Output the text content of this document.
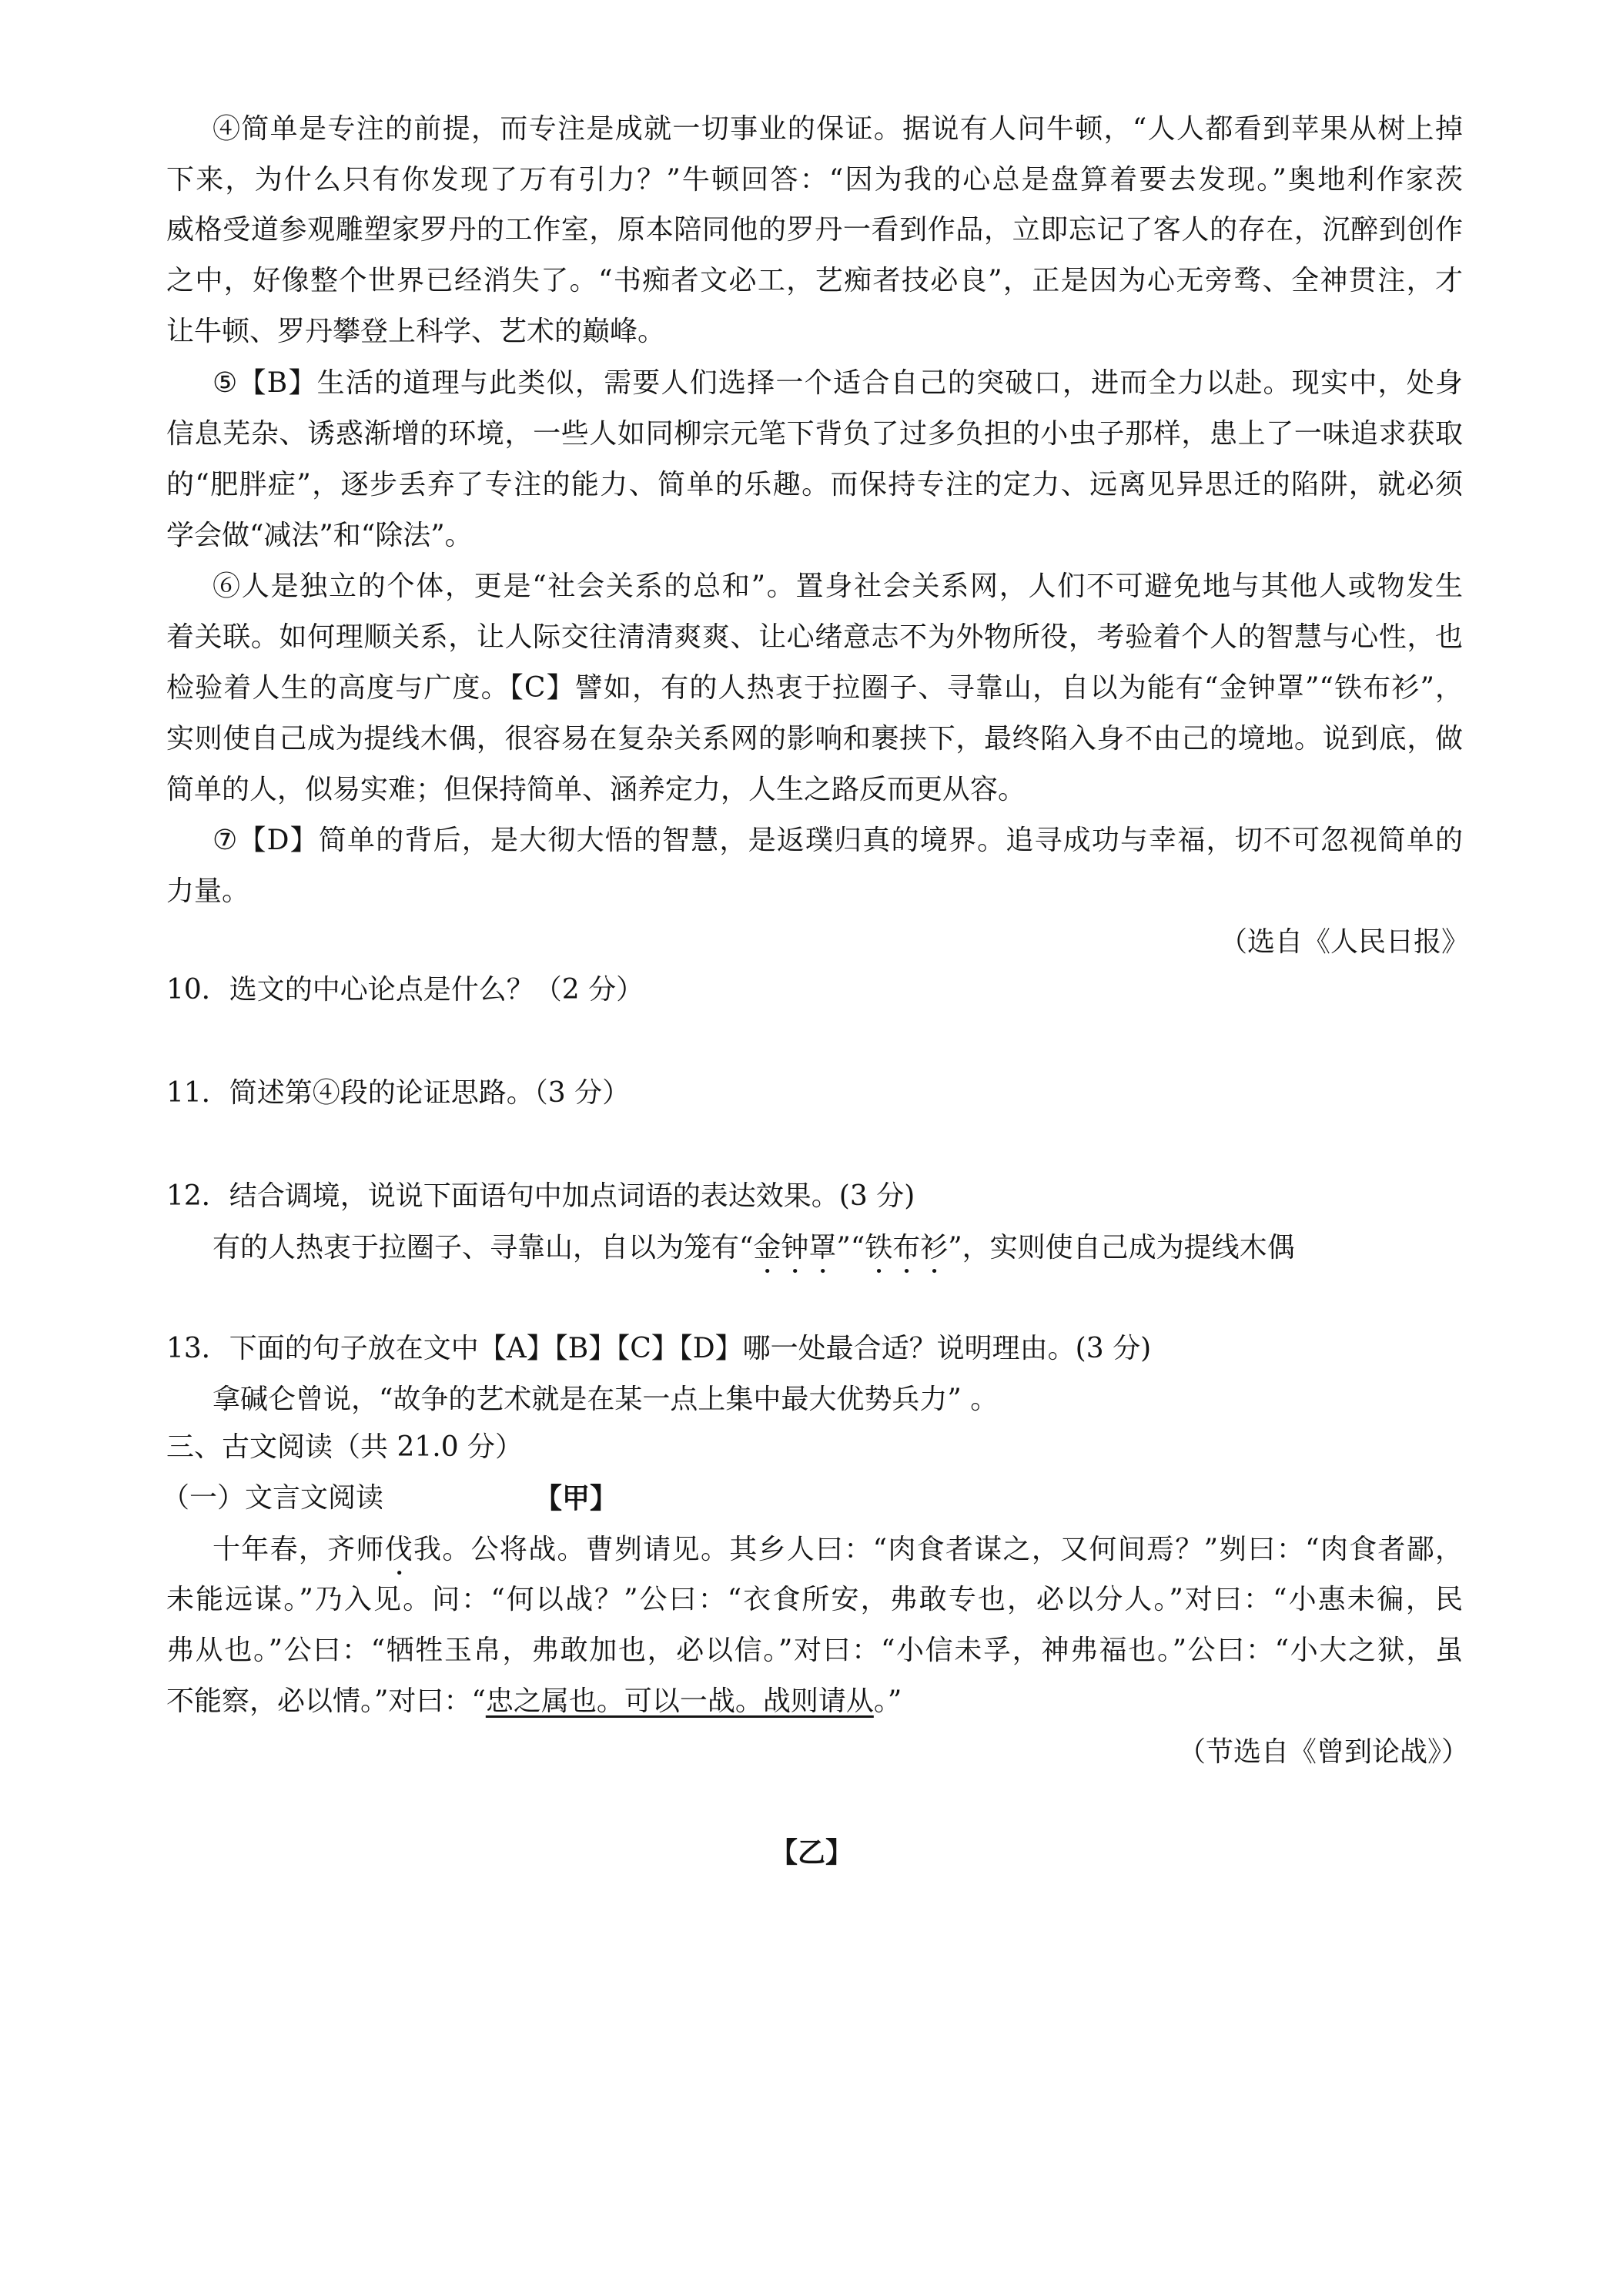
④简单是专注的前提，而专注是成就一切事业的保证。据说有人问牛顿，“人人都看到苹果从树上掉
下来，为什么只有你发现了万有引力？”牛顿回答：“因为我的心总是盘算着要去发现。”奥地利作家茨
威格受道参观雕塑家罗丹的工作室，原本陪同他的罗丹一看到作品，立即忘记了客人的存在，沉醉到创作
之中，好像整个世界已经消失了。“书痴者文必工，艺痴者技必良”，正是因为心无旁骛、全神贯注，才
让牛顿、罗丹攀登上科学、艺术的巅峰。
⑤【B】生活的道理与此类似，需要人们选择一个适合自己的突破口，进而全力以赴。现实中，处身
信息芜杂、诱惑渐增的环境，一些人如同柳宗元笔下背负了过多负担的小虫子那样，患上了一味追求获取
的“肥胖症”，逐步丢弃了专注的能力、简单的乐趣。而保持专注的定力、远离见异思迁的陷阱，就必须
学会做“减法”和“除法”。
⑥人是独立的个体，更是“社会关系的总和”。置身社会关系网，人们不可避免地与其他人或物发生
着关联。如何理顺关系，让人际交往清清爽爽、让心绪意志不为外物所役，考验着个人的智慧与心性，也
检验着人生的高度与广度。【C】譬如，有的人热衷于拉圈子、寻靠山，自以为能有“金钟罩”“铁布衫”，
实则使自己成为提线木偶，很容易在复杂关系网的影响和裹挟下，最终陷入身不由己的境地。说到底，做
简单的人，似易实难；但保持简单、涵养定力，人生之路反而更从容。
⑦【D】简单的背后，是大彻大悟的智慧，是返璞归真的境界。追寻成功与幸福，切不可忽视简单的
力量。
（选自《人民日报》
10．选文的中心论点是什么？（2 分）
11．简述第④段的论证思路。（3 分）
12．结合调境，说说下面语句中加点词语的表达效果。(3 分)
有的人热衷于拉圈子、寻靠山，自以为笼有“金钟罩”“铁布衫”，实则使自己成为提线木偶
13．下面的句子放在文中【A】【B】【C】【D】哪一处最合适？说明理由。(3 分)
拿碱仑曾说，“故争的艺术就是在某一点上集中最大优势兵力” 。
三、古文阅读（共 21.0 分）
（一）文言文阅读	【甲】
十年春，齐师伐我。公将战。曹刿请见。其乡人曰：“肉食者谋之，又何间焉？”刿曰：“肉食者鄙，
未能远谋。”乃入见。问：“何以战？”公曰：“衣食所安，弗敢专也，必以分人。”对曰：“小惠未徧，民
弗从也。”公曰：“牺牲玉帛，弗敢加也，必以信。”对曰：“小信未孚，神弗福也。”公曰：“小大之狱，虽
不能察，必以情。”对曰：“忠之属也。可以一战。战则请从。”
（节选自《曾到论战》）
【乙】
